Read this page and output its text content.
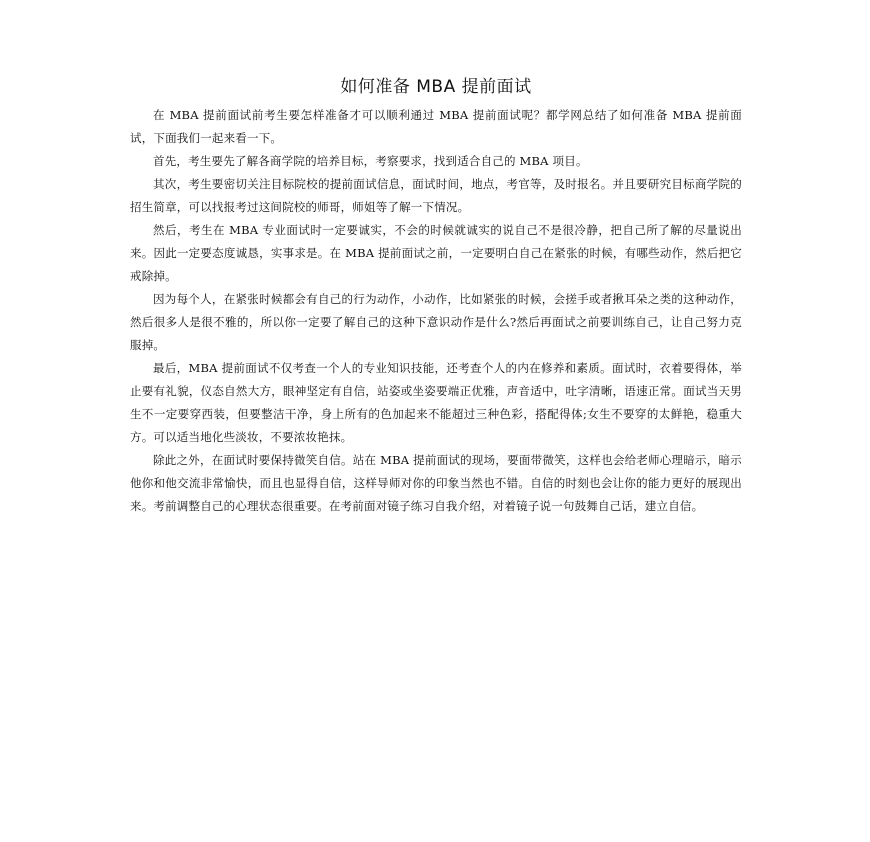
如何准备 MBA 提前面试

在 MBA 提前面试前考生要怎样准备才可以顺利通过 MBA 提前面试呢？都学网总结了如何准备 MBA 提前面试，下面我们一起来看一下。

首先，考生要先了解各商学院的培养目标，考察要求，找到适合自己的 MBA 项目。

其次，考生要密切关注目标院校的提前面试信息，面试时间，地点，考官等，及时报名。并且要研究目标商学院的招生简章，可以找报考过这间院校的师哥，师姐等了解一下情况。

然后，考生在 MBA 专业面试时一定要诚实，不会的时候就诚实的说自己不是很冷静，把自己所了解的尽量说出来。因此一定要态度诚恳，实事求是。在 MBA 提前面试之前，一定要明白自己在紧张的时候，有哪些动作，然后把它戒除掉。

因为每个人，在紧张时候都会有自己的行为动作，小动作，比如紧张的时候，会搓手或者揪耳朵之类的这种动作，然后很多人是很不雅的，所以你一定要了解自己的这种下意识动作是什么?然后再面试之前要训练自己，让自己努力克服掉。

最后，MBA 提前面试不仅考查一个人的专业知识技能，还考查个人的内在修养和素质。面试时，衣着要得体，举止要有礼貌，仪态自然大方，眼神坚定有自信，站姿或坐姿要端正优雅，声音适中，吐字清晰，语速正常。面试当天男生不一定要穿西装，但要整洁干净，身上所有的色加起来不能超过三种色彩，搭配得体;女生不要穿的太鲜艳，稳重大方。可以适当地化些淡妆，不要浓妆艳抹。

除此之外，在面试时要保持微笑自信。站在 MBA 提前面试的现场，要面带微笑，这样也会给老师心理暗示，暗示他你和他交流非常愉快，而且也显得自信，这样导师对你的印象当然也不错。自信的时刻也会让你的能力更好的展现出来。考前调整自己的心理状态很重要。在考前面对镜子练习自我介绍，对着镜子说一句鼓舞自己话，建立自信。
